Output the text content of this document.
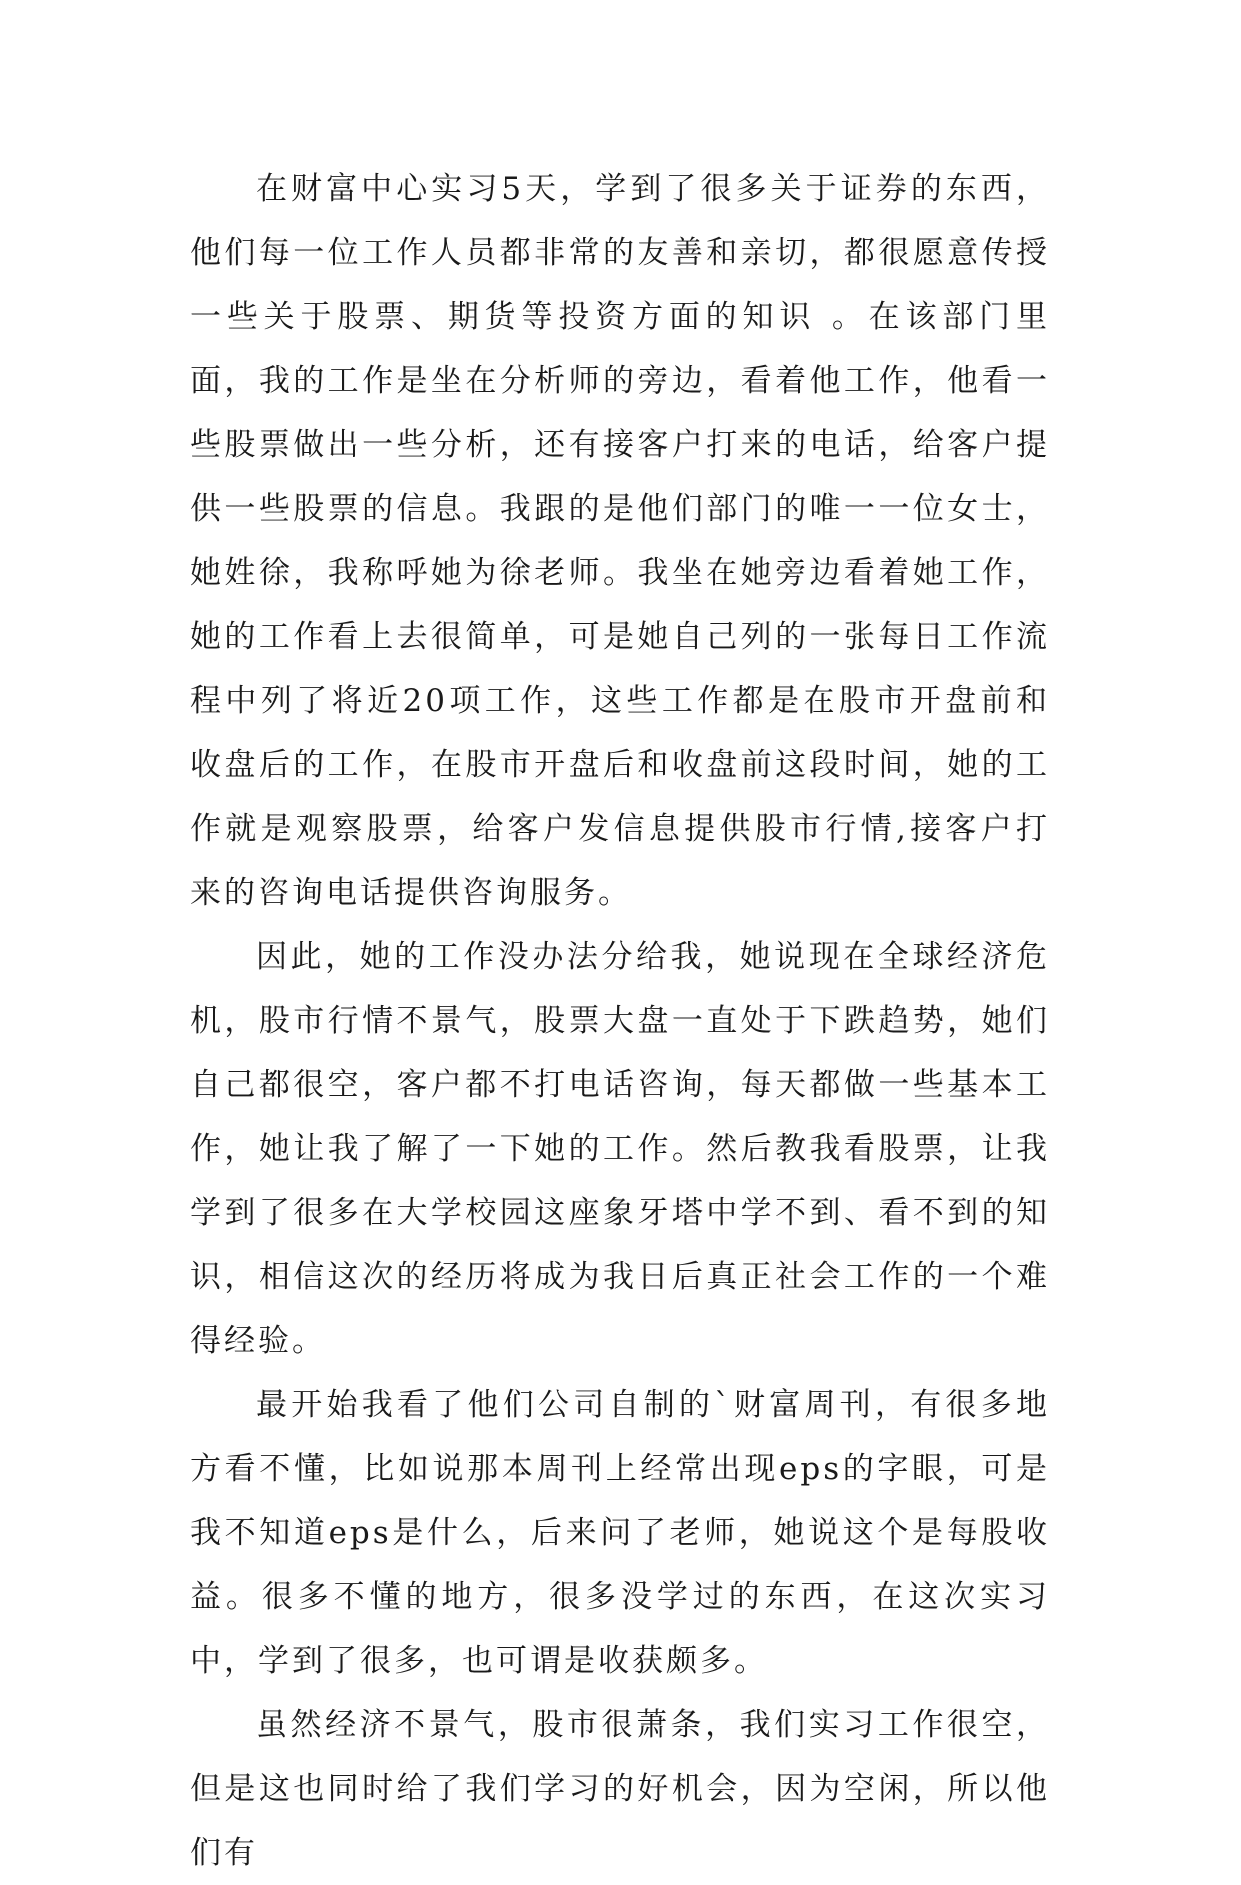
在财富中心实习5天，学到了很多关于证券的东西，他们每一位工作人员都非常的友善和亲切，都很愿意传授一些关于股票、期货等投资方面的知识 。在该部门里面，我的工作是坐在分析师的旁边，看着他工作，他看一些股票做出一些分析，还有接客户打来的电话，给客户提供一些股票的信息。我跟的是他们部门的唯一一位女士，她姓徐，我称呼她为徐老师。我坐在她旁边看着她工作，她的工作看上去很简单，可是她自己列的一张每日工作流程中列了将近20项工作，这些工作都是在股市开盘前和收盘后的工作，在股市开盘后和收盘前这段时间，她的工作就是观察股票，给客户发信息提供股市行情,接客户打来的咨询电话提供咨询服务。

因此，她的工作没办法分给我，她说现在全球经济危机，股市行情不景气，股票大盘一直处于下跌趋势，她们自己都很空，客户都不打电话咨询，每天都做一些基本工作，她让我了解了一下她的工作。然后教我看股票，让我学到了很多在大学校园这座象牙塔中学不到、看不到的知识，相信这次的经历将成为我日后真正社会工作的一个难得经验。

最开始我看了他们公司自制的`财富周刊，有很多地方看不懂，比如说那本周刊上经常出现eps的字眼，可是我不知道eps是什么，后来问了老师，她说这个是每股收益。很多不懂的地方，很多没学过的东西，在这次实习中，学到了很多，也可谓是收获颇多。

虽然经济不景气，股市很萧条，我们实习工作很空，但是这也同时给了我们学习的好机会，因为空闲，所以他们有
